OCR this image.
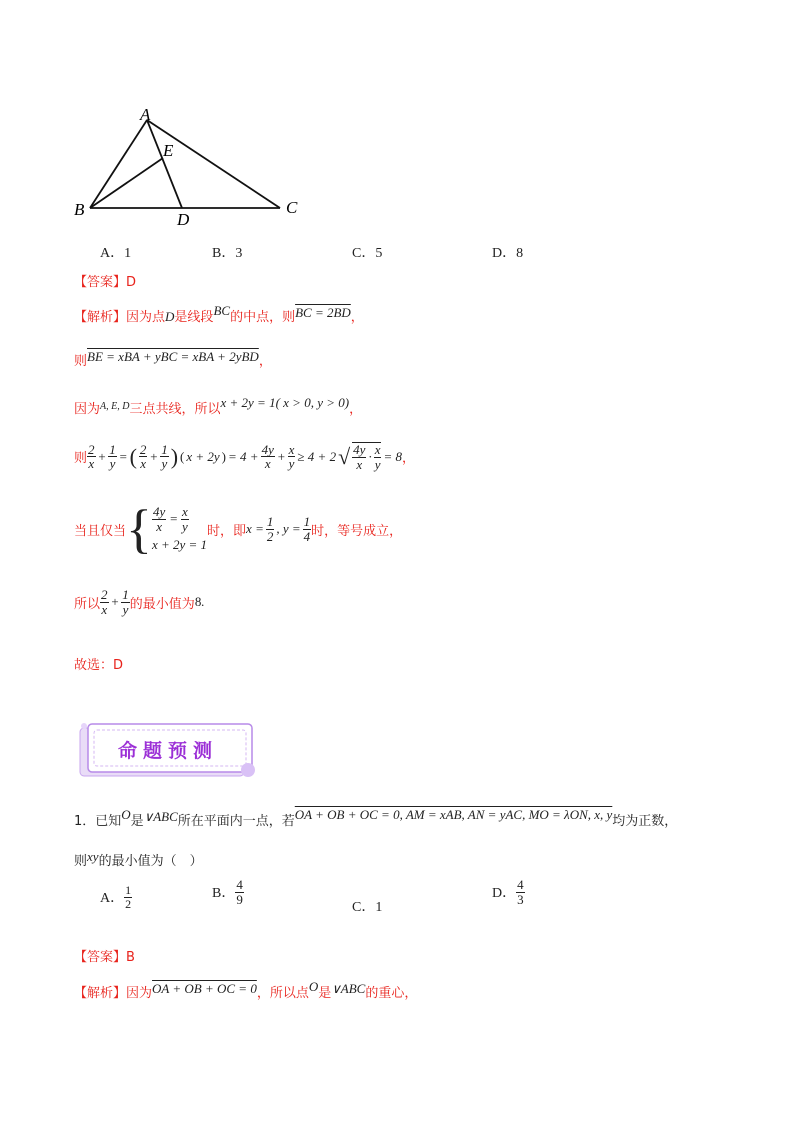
A
E
B
D
C
A．1	B．3	C．5	D．8
【答案】D
【解析】因为点D是线段BC的中点，则BC = 2BD，
则BE = xBA + yBC = xBA + 2yBD，
因为$^{A, E, D}$三点共线，所以x + 2y = 1( x > 0, y > 0)，
则 $\frac{2}{x} + \frac{1}{y}$ = ( $\frac{2}{x} + \frac{1}{y}$ ) ( x + 2y ) = $4 + \frac{4y}{x} + \frac{x}{y} \ge 4 + 2$ √ $\frac{4y}{x} \cdot \frac{x}{y} = 8$ ，
当且仅当 { $\frac{4y}{x} = \frac{x}{y}$
x + 2y = 1
时，即 $x = \frac{1}{2}$ , $y = \frac{1}{4}$ 时，等号成立，
所以 $\frac{2}{x} + \frac{1}{y}$ 的最小值为 8 .
故选：D
命题预测
1．已知O是∨ABC所在平面内一点，若OA + OB + OC = 0, AM = xAB, AN = yAC, MO = λON, x, y均为正数，
则xy的最小值为（　）
A． $\frac{1}{2}$	B． $\frac{4}{9}$
C．1
D． $\frac{4}{3}$
【答案】B
【解析】因为OA + OB + OC = 0，所以点O是∨ABC的重心，
